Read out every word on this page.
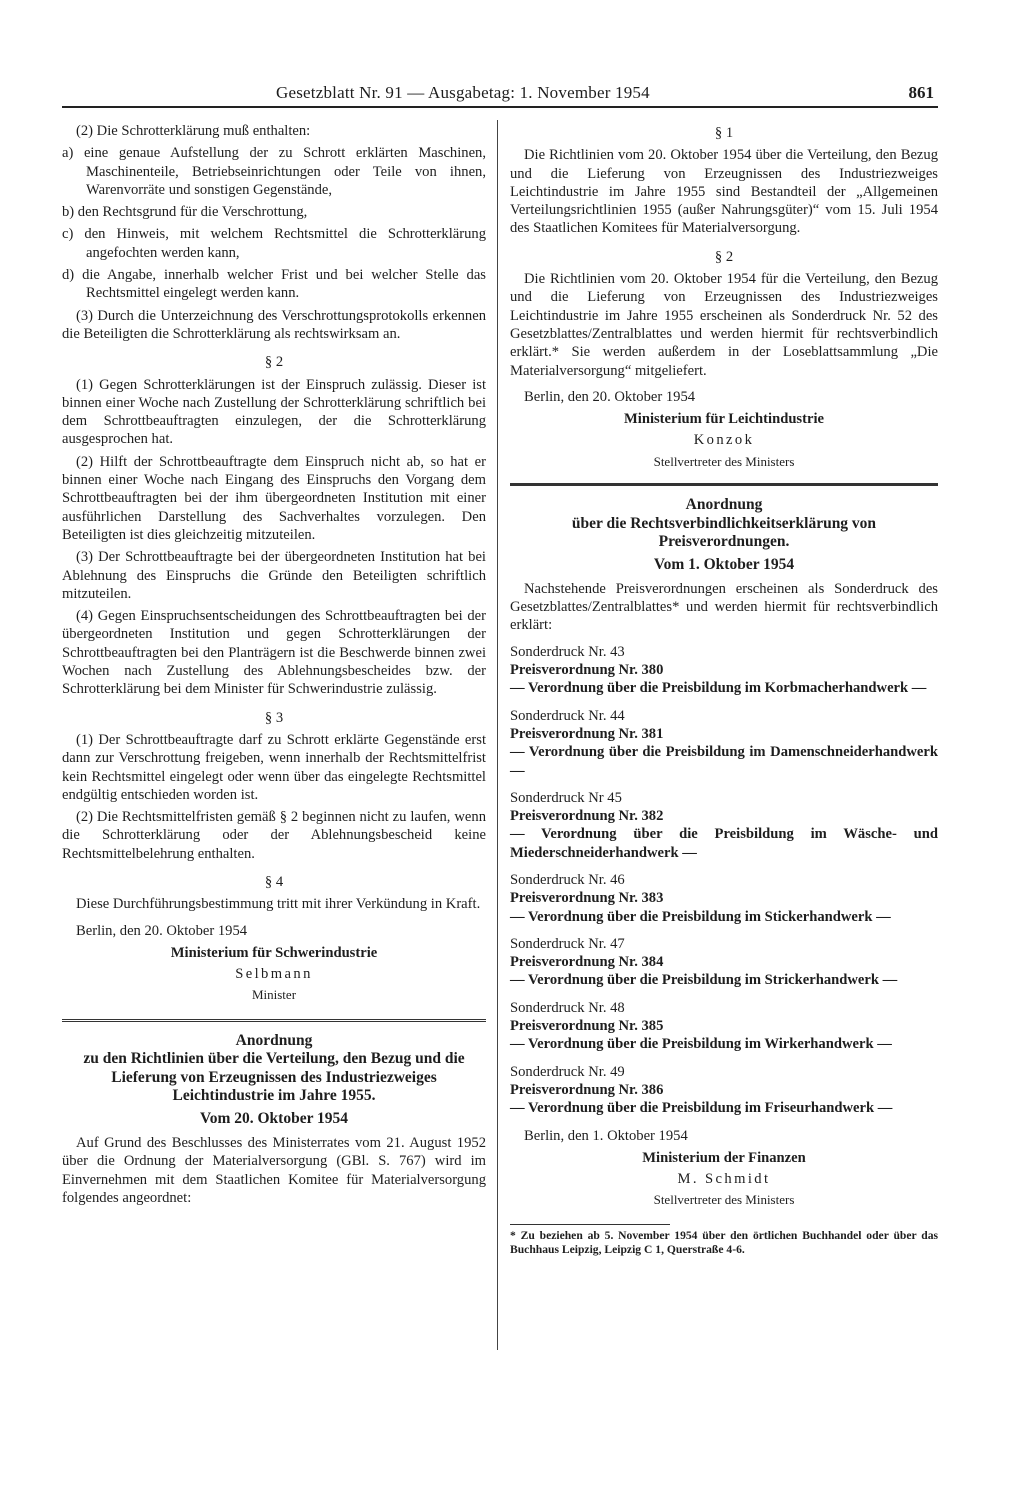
Gesetzblatt Nr. 91 — Ausgabetag: 1. November 1954	861

(2) Die Schrotterklärung muß enthalten:

a) eine genaue Aufstellung der zu Schrott erklärten Maschinen, Maschinenteile, Betriebseinrichtungen oder Teile von ihnen, Warenvorräte und sonstigen Gegenstände,

b) den Rechtsgrund für die Verschrottung,

c) den Hinweis, mit welchem Rechtsmittel die Schrotterklärung angefochten werden kann,

d) die Angabe, innerhalb welcher Frist und bei welcher Stelle das Rechtsmittel eingelegt werden kann.

(3) Durch die Unterzeichnung des Verschrottungsprotokolls erkennen die Beteiligten die Schrotterklärung als rechtswirksam an.

§ 2

(1) Gegen Schrotterklärungen ist der Einspruch zulässig. Dieser ist binnen einer Woche nach Zustellung der Schrotterklärung schriftlich bei dem Schrottbeauftragten einzulegen, der die Schrotterklärung ausgesprochen hat.

(2) Hilft der Schrottbeauftragte dem Einspruch nicht ab, so hat er binnen einer Woche nach Eingang des Einspruchs den Vorgang dem Schrottbeauftragten bei der ihm übergeordneten Institution mit einer ausführlichen Darstellung des Sachverhaltes vorzulegen. Den Beteiligten ist dies gleichzeitig mitzuteilen.

(3) Der Schrottbeauftragte bei der übergeordneten Institution hat bei Ablehnung des Einspruchs die Gründe den Beteiligten schriftlich mitzuteilen.

(4) Gegen Einspruchsentscheidungen des Schrottbeauftragten bei der übergeordneten Institution und gegen Schrotterklärungen der Schrottbeauftragten bei den Planträgern ist die Beschwerde binnen zwei Wochen nach Zustellung des Ablehnungsbescheides bzw. der Schrotterklärung bei dem Minister für Schwerindustrie zulässig.

§ 3

(1) Der Schrottbeauftragte darf zu Schrott erklärte Gegenstände erst dann zur Verschrottung freigeben, wenn innerhalb der Rechtsmittelfrist kein Rechtsmittel eingelegt oder wenn über das eingelegte Rechtsmittel endgültig entschieden worden ist.

(2) Die Rechtsmittelfristen gemäß § 2 beginnen nicht zu laufen, wenn die Schrotterklärung oder der Ablehnungsbescheid keine Rechtsmittelbelehrung enthalten.

§ 4

Diese Durchführungsbestimmung tritt mit ihrer Verkündung in Kraft.

Berlin, den 20. Oktober 1954

Ministerium für Schwerindustrie

Selbmann

Minister

Anordnung

zu den Richtlinien über die Verteilung, den Bezug und die Lieferung von Erzeugnissen des Industriezweiges Leichtindustrie im Jahre 1955.

Vom 20. Oktober 1954

Auf Grund des Beschlusses des Ministerrates vom 21. August 1952 über die Ordnung der Materialversorgung (GBl. S. 767) wird im Einvernehmen mit dem Staatlichen Komitee für Materialversorgung folgendes angeordnet:

§ 1

Die Richtlinien vom 20. Oktober 1954 über die Verteilung, den Bezug und die Lieferung von Erzeugnissen des Industriezweiges Leichtindustrie im Jahre 1955 sind Bestandteil der „Allgemeinen Verteilungsrichtlinien 1955 (außer Nahrungsgüter)“ vom 15. Juli 1954 des Staatlichen Komitees für Materialversorgung.

§ 2

Die Richtlinien vom 20. Oktober 1954 für die Verteilung, den Bezug und die Lieferung von Erzeugnissen des Industriezweiges Leichtindustrie im Jahre 1955 erscheinen als Sonderdruck Nr. 52 des Gesetzblattes/Zentralblattes und werden hiermit für rechtsverbindlich erklärt.* Sie werden außerdem in der Loseblattsammlung „Die Materialversorgung“ mitgeliefert.

Berlin, den 20. Oktober 1954

Ministerium für Leichtindustrie

Konzok

Stellvertreter des Ministers

Anordnung

über die Rechtsverbindlichkeitserklärung von Preisverordnungen.

Vom 1. Oktober 1954

Nachstehende Preisverordnungen erscheinen als Sonderdruck des Gesetzblattes/Zentralblattes* und werden hiermit für rechtsverbindlich erklärt:

Sonderdruck Nr. 43

Preisverordnung Nr. 380

— Verordnung über die Preisbildung im Korbmacherhandwerk —

Sonderdruck Nr. 44

Preisverordnung Nr. 381

— Verordnung über die Preisbildung im Damenschneiderhandwerk —

Sonderdruck Nr 45

Preisverordnung Nr. 382

— Verordnung über die Preisbildung im Wäsche- und Miederschneiderhandwerk —

Sonderdruck Nr. 46

Preisverordnung Nr. 383

— Verordnung über die Preisbildung im Stickerhandwerk —

Sonderdruck Nr. 47

Preisverordnung Nr. 384

— Verordnung über die Preisbildung im Strickerhandwerk —

Sonderdruck Nr. 48

Preisverordnung Nr. 385

— Verordnung über die Preisbildung im Wirkerhandwerk —

Sonderdruck Nr. 49

Preisverordnung Nr. 386

— Verordnung über die Preisbildung im Friseurhandwerk —

Berlin, den 1. Oktober 1954

Ministerium der Finanzen

M. Schmidt

Stellvertreter des Ministers

* Zu beziehen ab 5. November 1954 über den örtlichen Buchhandel oder über das Buchhaus Leipzig, Leipzig C 1, Querstraße 4-6.
